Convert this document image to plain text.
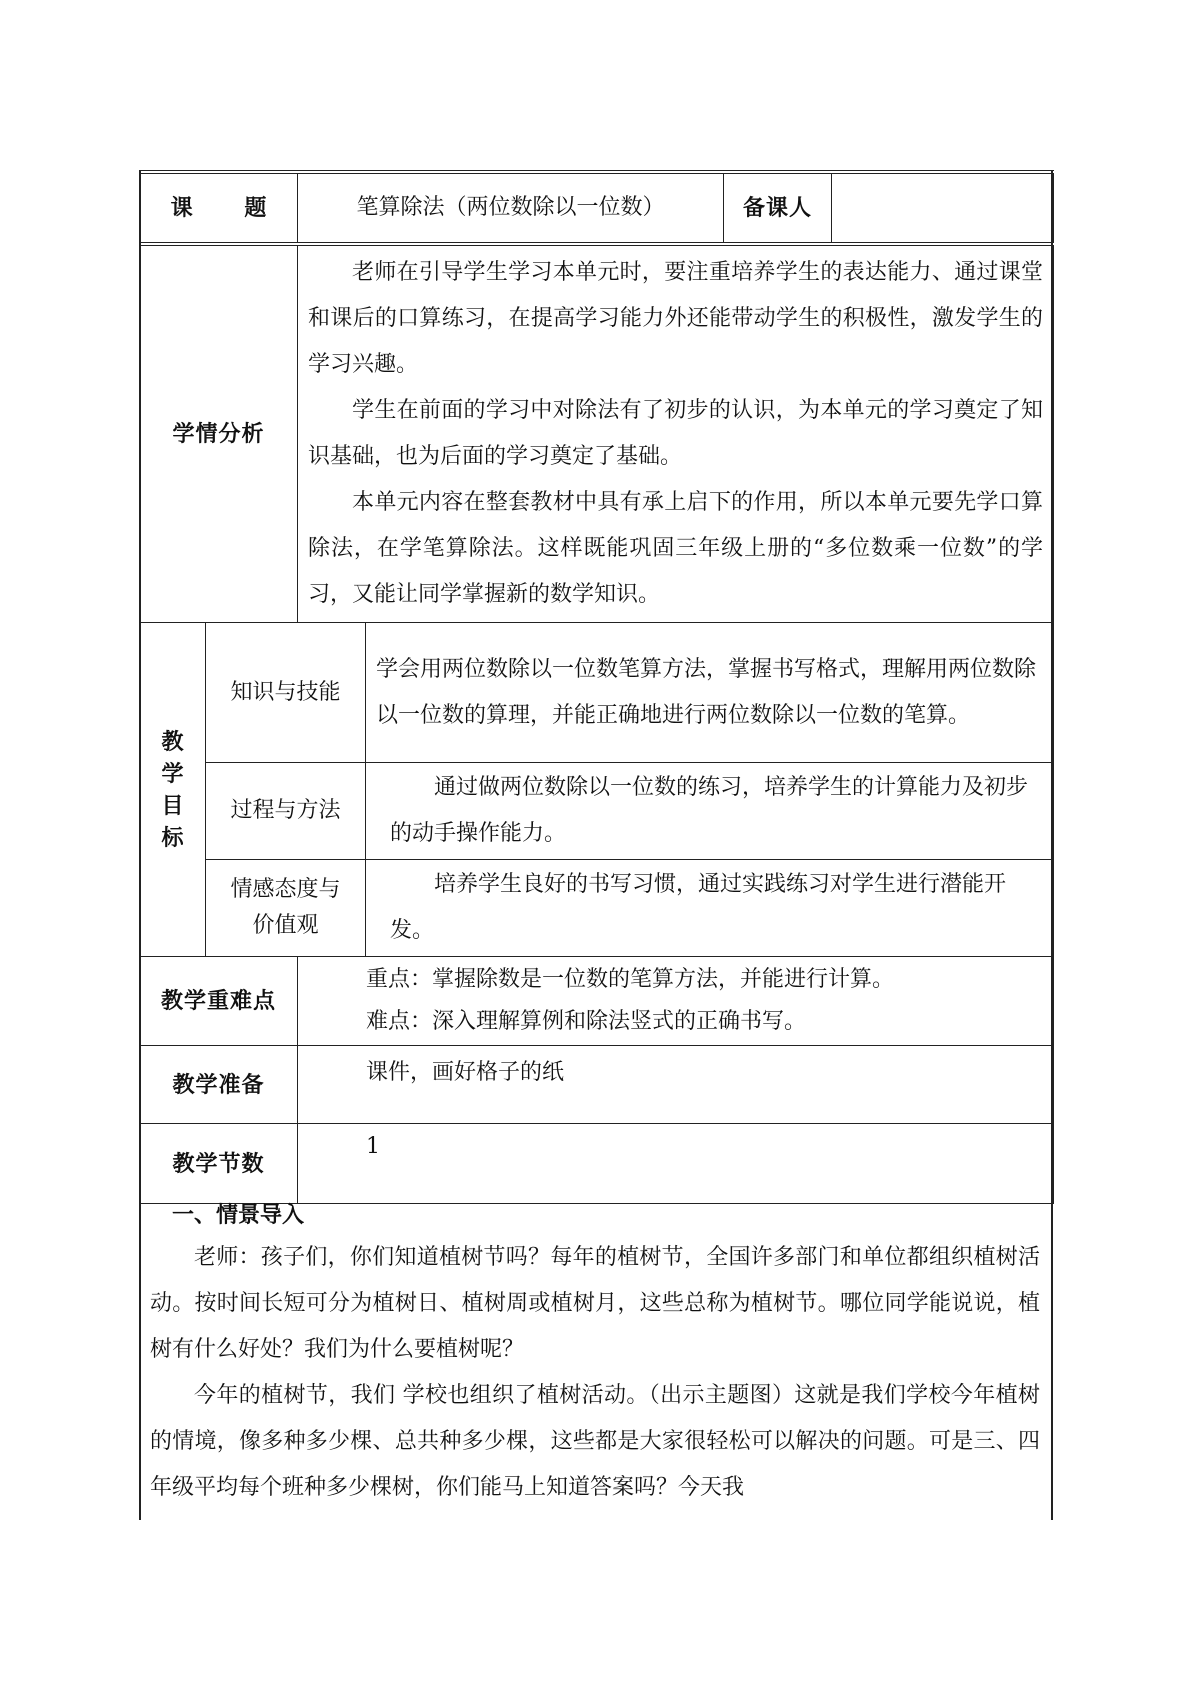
课 题		笔算除法（两位数除以一位数）		备课人	
学情分析		老师在引导学生学习本单元时，要注重培养学生的表达能力、通过课堂和课后的口算练习，在提高学习能力外还能带动学生的积极性，激发学生的学习兴趣。

学生在前面的学习中对除法有了初步的认识，为本单元的学习奠定了知识基础，也为后面的学习奠定了基础。

本单元内容在整套教材中具有承上启下的作用，所以本单元要先学口算除法，在学笔算除法。这样既能巩固三年级上册的“多位数乘一位数”的学习，又能让同学掌握新的数学知识。			

教
学
目
标	知识与技能		学会用两位数除以一位数笔算方法，掌握书写格式，理解用两位数除以一位数的算理，并能正确地进行两位数除以一位数的笔算。		
	过程与方法		通过做两位数除以一位数的练习，培养学生的计算能力及初步的动手操作能力。		

	情感态度与
价值观		培养学生良好的书写习惯，通过实践练习对学生进行潜能开发。		

教学重难点		重点：掌握除数是一位数的笔算方法，并能进行计算。

难点：深入理解算例和除法竖式的正确书写。			

教学准备		课件，画好格子的纸			
教学节数		1			
一、情景导入

老师：孩子们，你们知道植树节吗？每年的植树节，全国许多部门和单位都组织植树活动。按时间长短可分为植树日、植树周或植树月，这些总称为植树节。哪位同学能说说，植树有什么好处？我们为什么要植树呢？

今年的植树节，我们 学校也组织了植树活动。（出示主题图）这就是我们学校今年植树的情境，像多种多少棵、总共种多少棵，这些都是大家很轻松可以解决的问题。可是三、四年级平均每个班种多少棵树，你们能马上知道答案吗？今天我
